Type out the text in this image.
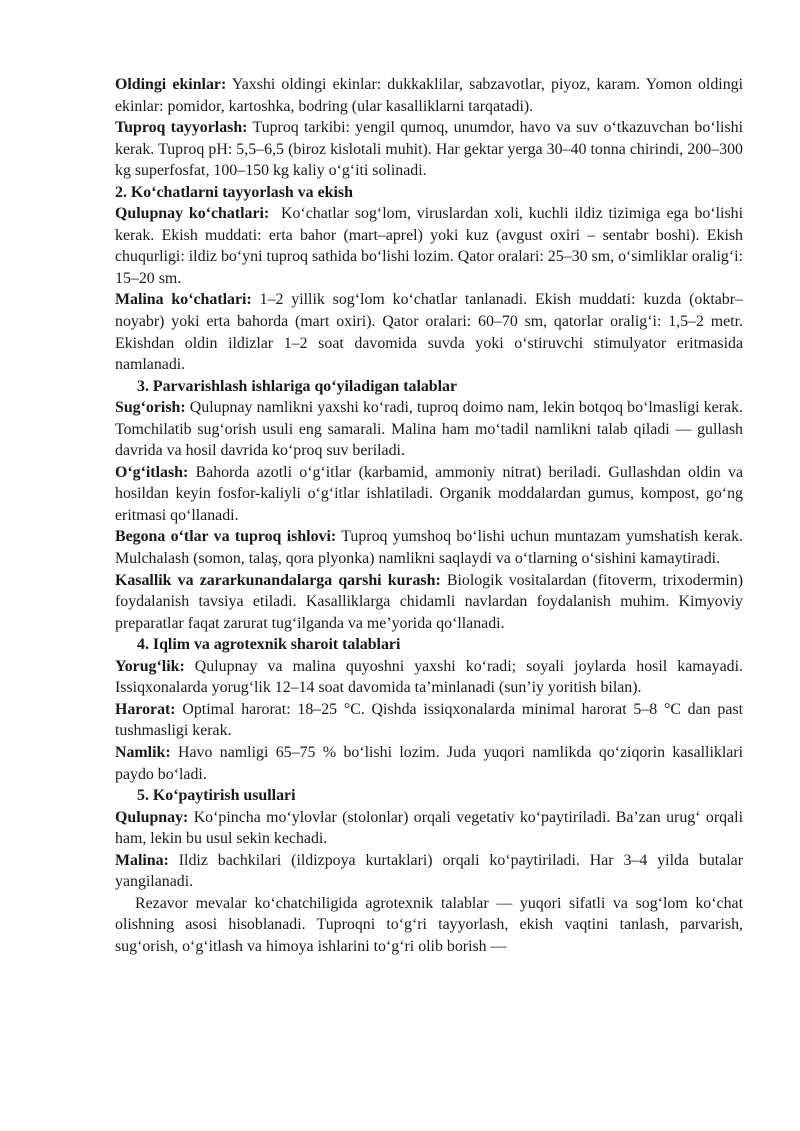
Oldingi ekinlar: Yaxshi oldingi ekinlar: dukkaklilar, sabzavotlar, piyoz, karam. Yomon oldingi ekinlar: pomidor, kartoshka, bodring (ular kasalliklarni tarqatadi).

Tuproq tayyorlash: Tuproq tarkibi: yengil qumoq, unumdor, havo va suv oʻtkazuvchan boʻlishi kerak. Tuproq pH: 5,5–6,5 (biroz kislotali muhit). Har gektar yerga 30–40 tonna chirindi, 200–300 kg superfosfat, 100–150 kg kaliy oʻgʻiti solinadi.

2. Koʻchatlarni tayyorlash va ekish

Qulupnay koʻchatlari:  Koʻchatlar sogʻlom, viruslardan xoli, kuchli ildiz tizimiga ega boʻlishi kerak. Ekish muddati: erta bahor (mart–aprel) yoki kuz (avgust oxiri – sentabr boshi). Ekish chuqurligi: ildiz boʻyni tuproq sathida boʻlishi lozim. Qator oralari: 25–30 sm, oʻsimliklar oraligʻi: 15–20 sm.

Malina koʻchatlari: 1–2 yillik sogʻlom koʻchatlar tanlanadi. Ekish muddati: kuzda (oktabr–noyabr) yoki erta bahorda (mart oxiri). Qator oralari: 60–70 sm, qatorlar oraligʻi: 1,5–2 metr. Ekishdan oldin ildizlar 1–2 soat davomida suvda yoki oʻstiruvchi stimulyator eritmasida namlanadi.

3. Parvarishlash ishlariga qoʻyiladigan talablar

Sugʻorish: Qulupnay namlikni yaxshi koʻradi, tuproq doimo nam, lekin botqoq boʻlmasligi kerak. Tomchilatib sugʻorish usuli eng samarali. Malina ham moʻtadil namlikni talab qiladi — gullash davrida va hosil davrida koʻproq suv beriladi.

Oʻgʻitlash: Bahorda azotli oʻgʻitlar (karbamid, ammoniy nitrat) beriladi. Gullashdan oldin va hosildan keyin fosfor-kaliyli oʻgʻitlar ishlatiladi. Organik moddalardan gumus, kompost, goʻng eritmasi qoʻllanadi.

Begona oʻtlar va tuproq ishlovi: Tuproq yumshoq boʻlishi uchun muntazam yumshatish kerak. Mulchalash (somon, talaş, qora plyonka) namlikni saqlaydi va oʻtlarning oʻsishini kamaytiradi.

Kasallik va zararkunandalarga qarshi kurash: Biologik vositalardan (fitoverm, trixodermin) foydalanish tavsiya etiladi. Kasalliklarga chidamli navlardan foydalanish muhim. Kimyoviy preparatlar faqat zarurat tugʻilganda va meʼyorida qoʻllanadi.

4. Iqlim va agrotexnik sharoit talablari

Yorugʻlik: Qulupnay va malina quyoshni yaxshi koʻradi; soyali joylarda hosil kamayadi. Issiqxonalarda yorugʻlik 12–14 soat davomida taʼminlanadi (sunʼiy yoritish bilan).

Harorat: Optimal harorat: 18–25 °C. Qishda issiqxonalarda minimal harorat 5–8 °C dan past tushmasligi kerak.

Namlik: Havo namligi 65–75 % boʻlishi lozim. Juda yuqori namlikda qoʻziqorin kasalliklari paydo boʻladi.

5. Koʻpaytirish usullari

Qulupnay: Koʻpincha moʻylovlar (stolonlar) orqali vegetativ koʻpaytiriladi. Baʼzan urugʻ orqali ham, lekin bu usul sekin kechadi.

Malina: Ildiz bachkilari (ildizpoya kurtaklari) orqali koʻpaytiriladi. Har 3–4 yilda butalar yangilanadi.

Rezavor mevalar koʻchatchiligida agrotexnik talablar — yuqori sifatli va sogʻlom koʻchat olishning asosi hisoblanadi. Tuproqni toʻgʻri tayyorlash, ekish vaqtini tanlash, parvarish, sugʻorish, oʻgʻitlash va himoya ishlarini toʻgʻri olib borish —
